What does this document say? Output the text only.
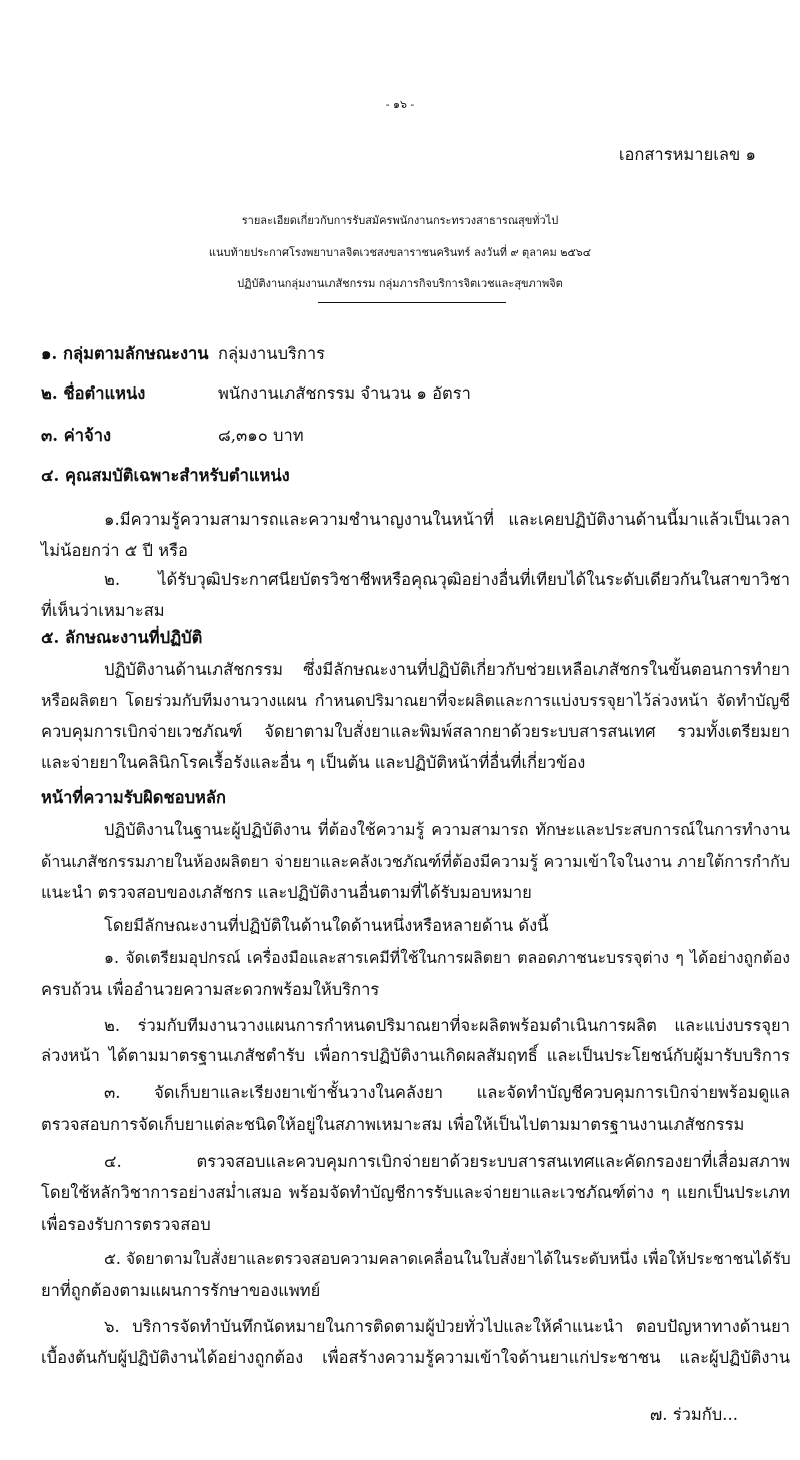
- ๑๖ -
เอกสารหมายเลข ๑
รายละเอียดเกี่ยวกับการรับสมัครพนักงานกระทรวงสาธารณสุขทั่วไป
แนบท้ายประกาศโรงพยาบาลจิตเวชสงขลาราชนครินทร์ ลงวันที่ ๙ ตุลาคม ๒๕๖๔
ปฏิบัติงานกลุ่มงานเภสัชกรรม กลุ่มภารกิจบริการจิตเวชและสุขภาพจิต
๑. กลุ่มตามลักษณะงาน กลุ่มงานบริการ
๒. ชื่อตำแหน่ง	พนักงานเภสัชกรรม จำนวน ๑ อัตรา
๓. ค่าจ้าง	๘,๓๑๐ บาท
๔. คุณสมบัติเฉพาะสำหรับตำแหน่ง
๑.มีความรู้ความสามารถและความชำนาญงานในหน้าที่ และเคยปฏิบัติงานด้านนี้มาแล้วเป็นเวลา
ไม่น้อยกว่า ๕ ปี หรือ
๒. ได้รับวุฒิประกาศนียบัตรวิชาชีพหรือคุณวุฒิอย่างอื่นที่เทียบได้ในระดับเดียวกันในสาขาวิชา
ที่เห็นว่าเหมาะสม
๕. ลักษณะงานที่ปฏิบัติ
ปฏิบัติงานด้านเภสัชกรรม ซึ่งมีลักษณะงานที่ปฏิบัติเกี่ยวกับช่วยเหลือเภสัชกรในขั้นตอนการทำยา
หรือผลิตยา โดยร่วมกับทีมงานวางแผน กำหนดปริมาณยาที่จะผลิตและการแบ่งบรรจุยาไว้ล่วงหน้า จัดทำบัญชี
ควบคุมการเบิกจ่ายเวชภัณฑ์ จัดยาตามใบสั่งยาและพิมพ์สลากยาด้วยระบบสารสนเทศ รวมทั้งเตรียมยา
และจ่ายยาในคลินิกโรคเรื้อรังและอื่น ๆ เป็นต้น และปฏิบัติหน้าที่อื่นที่เกี่ยวข้อง
หน้าที่ความรับผิดชอบหลัก
ปฏิบัติงานในฐานะผู้ปฏิบัติงาน ที่ต้องใช้ความรู้ ความสามารถ ทักษะและประสบการณ์ในการทำงาน
ด้านเภสัชกรรมภายในห้องผลิตยา จ่ายยาและคลังเวชภัณฑ์ที่ต้องมีความรู้ ความเข้าใจในงาน ภายใต้การกำกับ
แนะนำ ตรวจสอบของเภสัชกร และปฏิบัติงานอื่นตามที่ได้รับมอบหมาย
โดยมีลักษณะงานที่ปฏิบัติในด้านใดด้านหนึ่งหรือหลายด้าน ดังนี้
๑. จัดเตรียมอุปกรณ์ เครื่องมือและสารเคมีที่ใช้ในการผลิตยา ตลอดภาชนะบรรจุต่าง ๆ ได้อย่างถูกต้อง
ครบถ้วน เพื่ออำนวยความสะดวกพร้อมให้บริการ
๒. ร่วมกับทีมงานวางแผนการกำหนดปริมาณยาที่จะผลิตพร้อมดำเนินการผลิต และแบ่งบรรจุยา
ล่วงหน้า ได้ตามมาตรฐานเภสัชตำรับ เพื่อการปฏิบัติงานเกิดผลสัมฤทธิ์ และเป็นประโยชน์กับผู้มารับบริการ
๓. จัดเก็บยาและเรียงยาเข้าชั้นวางในคลังยา และจัดทำบัญชีควบคุมการเบิกจ่ายพร้อมดูแล
ตรวจสอบการจัดเก็บยาแต่ละชนิดให้อยู่ในสภาพเหมาะสม เพื่อให้เป็นไปตามมาตรฐานงานเภสัชกรรม
๔. ตรวจสอบและควบคุมการเบิกจ่ายยาด้วยระบบสารสนเทศและคัดกรองยาที่เสื่อมสภาพ
โดยใช้หลักวิชาการอย่างสม่ำเสมอ พร้อมจัดทำบัญชีการรับและจ่ายยาและเวชภัณฑ์ต่าง ๆ แยกเป็นประเภท
เพื่อรองรับการตรวจสอบ
๕. จัดยาตามใบสั่งยาและตรวจสอบความคลาดเคลื่อนในใบสั่งยาได้ในระดับหนึ่ง เพื่อให้ประชาชนได้รับ
ยาที่ถูกต้องตามแผนการรักษาของแพทย์
๖. บริการจัดทำบันทึกนัดหมายในการติดตามผู้ป่วยทั่วไปและให้คำแนะนำ ตอบปัญหาทางด้านยา
เบื้องต้นกับผู้ปฏิบัติงานได้อย่างถูกต้อง เพื่อสร้างความรู้ความเข้าใจด้านยาแก่ประชาชน และผู้ปฏิบัติงาน
๗. ร่วมกับ...
